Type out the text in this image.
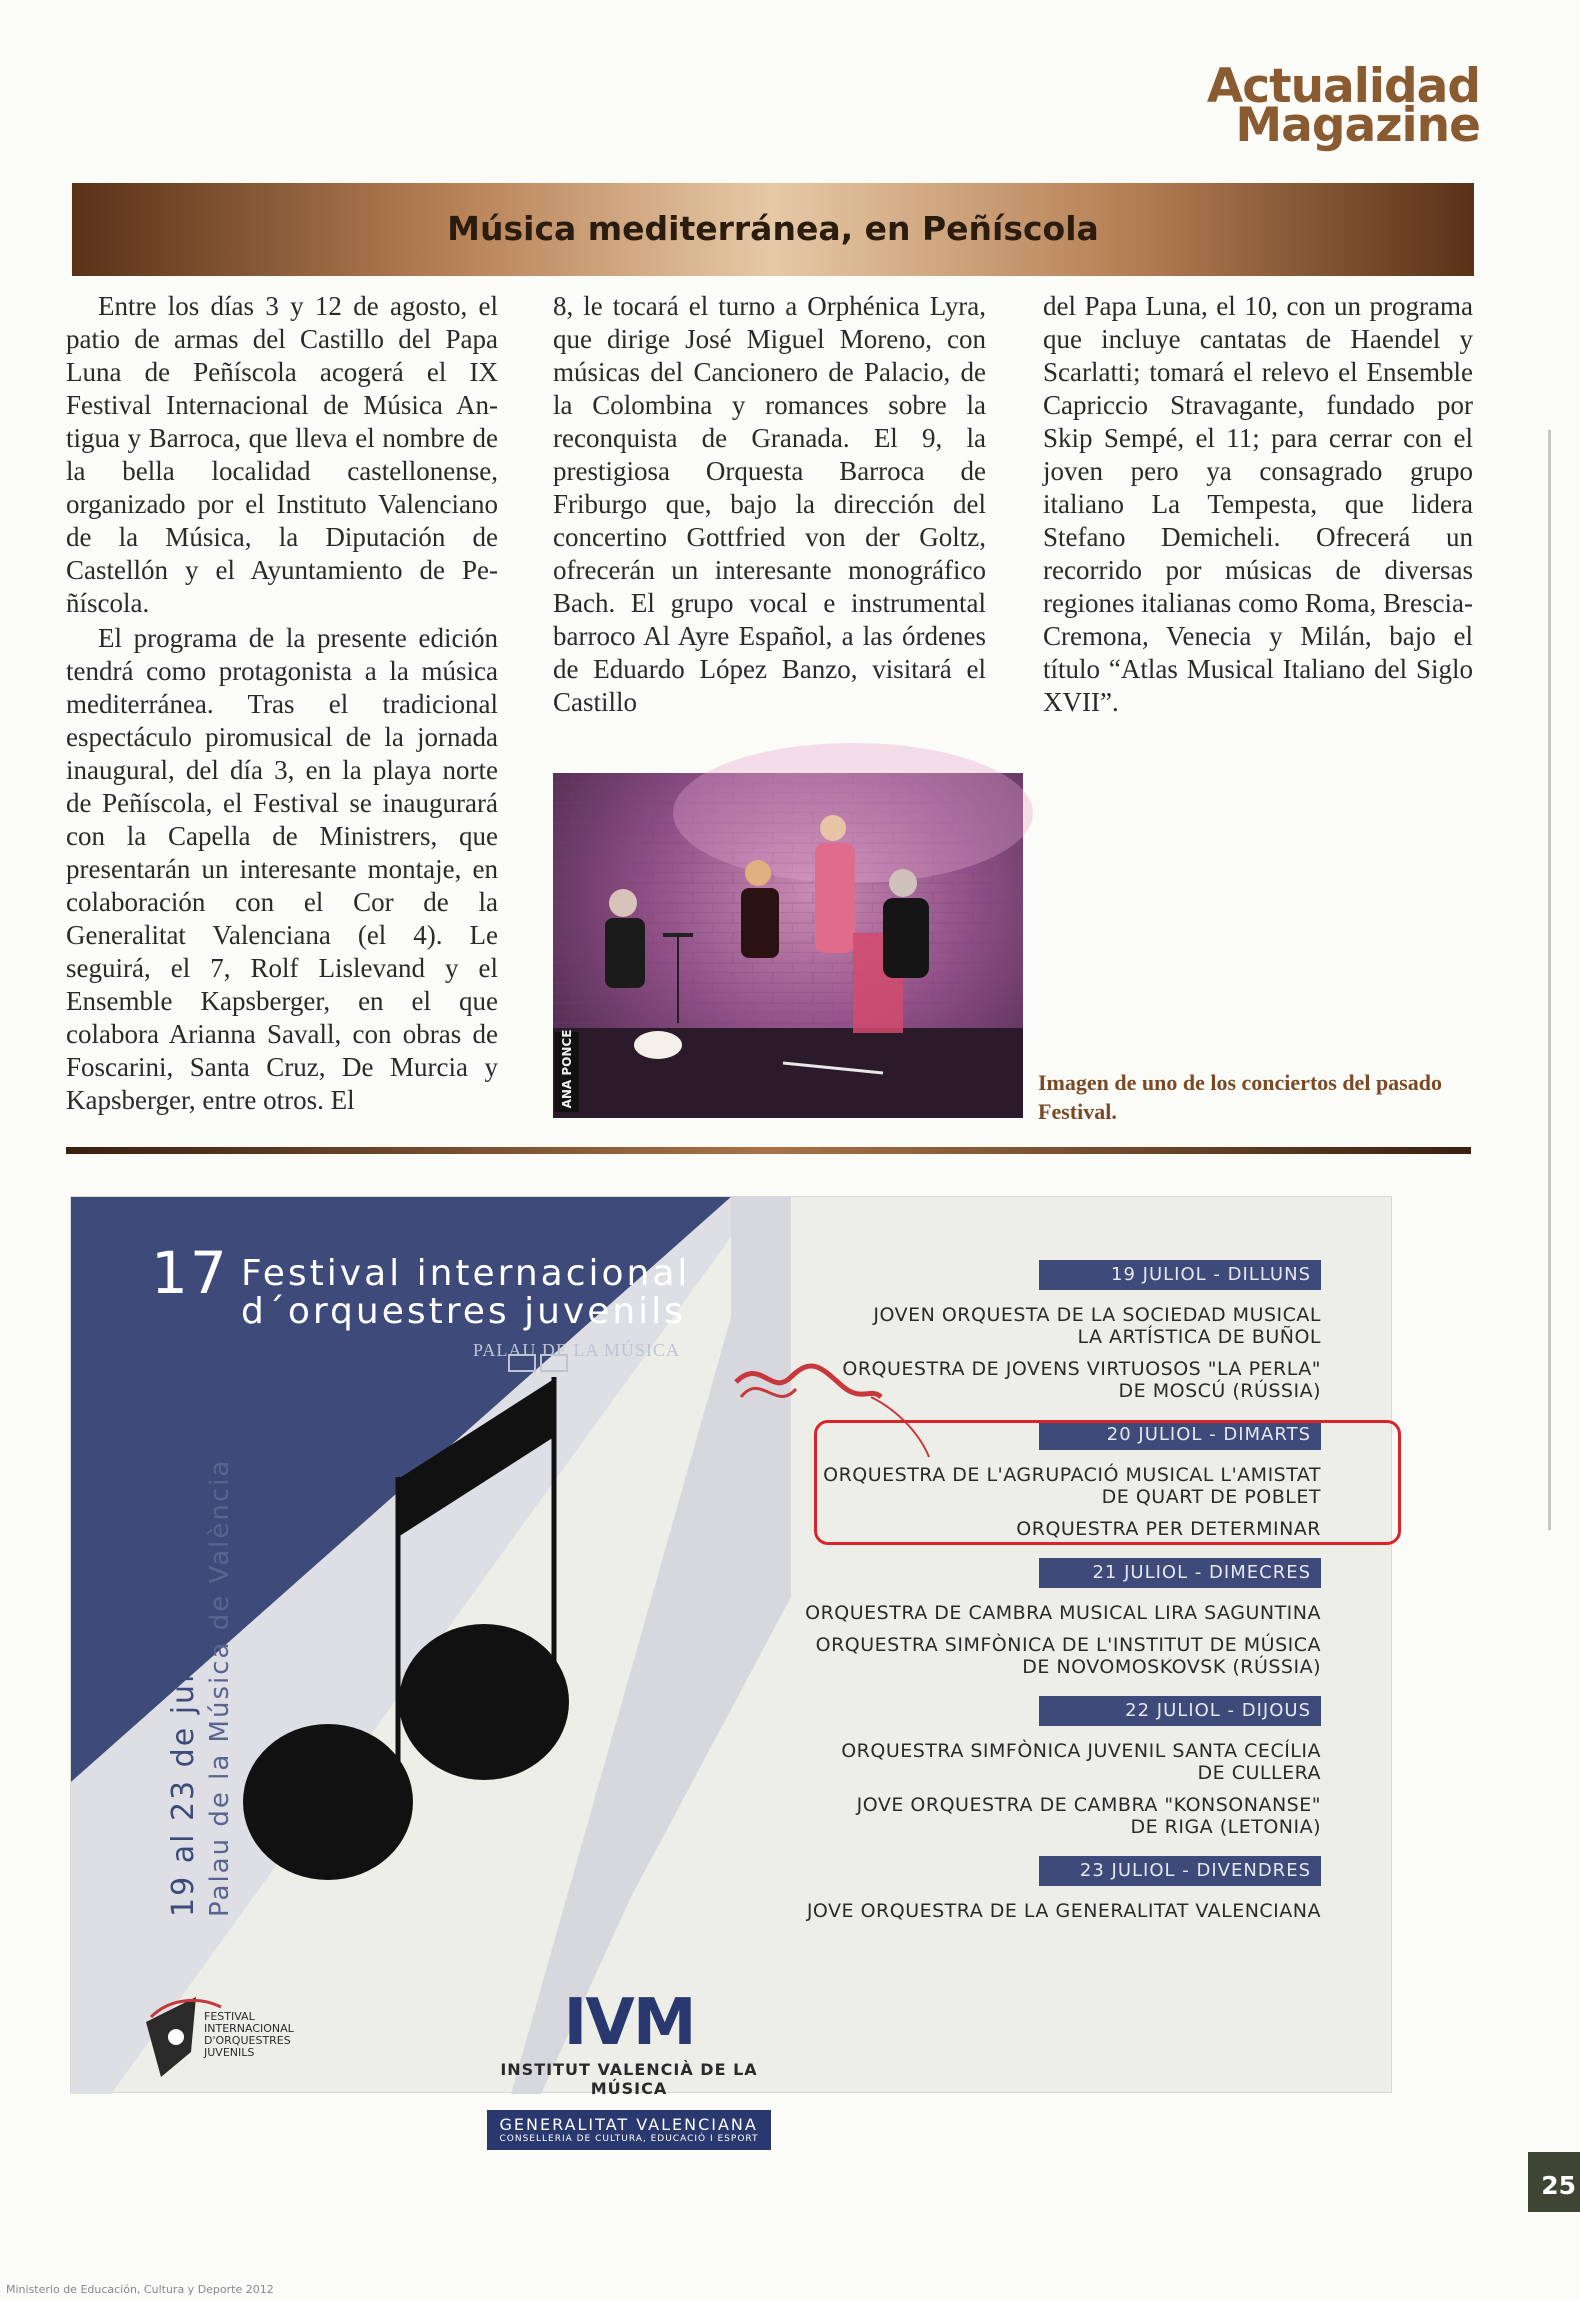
Actualidad
Magazine
Música mediterránea, en Peñíscola

Entre los días 3 y 12 de agosto, el patio de armas del Castillo del Papa Luna de Peñíscola acogerá el IX Festival Internacional de Música Antigua y Barroca, que lleva el nombre de la bella localidad castellonense, organizado por el Instituto Valenciano de la Música, la Diputación de Castellón y el Ayuntamiento de Peñíscola.

El programa de la presente edición tendrá como protagonista a la música mediterránea. Tras el tradicional espectáculo piromusical de la jornada inaugural, del día 3, en la playa norte de Peñíscola, el Festival se inaugurará con la Capella de Ministrers, que presentarán un interesante montaje, en colaboración con el Cor de la Generalitat Valenciana (el 4). Le seguirá, el 7, Rolf Lislevand y el Ensemble Kapsberger, en el que colabora Arianna Savall, con obras de Foscarini, Santa Cruz, De Murcia y Kapsberger, entre otros. El

8, le tocará el turno a Orphénica Lyra, que dirige José Miguel Moreno, con músicas del Cancionero de Palacio, de la Colombina y romances sobre la reconquista de Granada. El 9, la prestigiosa Orquesta Barroca de Friburgo que, bajo la dirección del concertino Gottfried von der Goltz, ofrecerán un interesante monográfico Bach. El grupo vocal e instrumental barroco Al Ayre Español, a las órdenes de Eduardo López Banzo, visitará el Castillo

del Papa Luna, el 10, con un programa que incluye cantatas de Haendel y Scarlatti; tomará el relevo el Ensemble Capriccio Stravagante, fundado por Skip Sempé, el 11; para cerrar con el joven pero ya consagrado grupo italiano La Tempesta, que lidera Stefano Demicheli. Ofrecerá un recorrido por músicas de diversas regiones italianas como Roma, Brescia-Cremona, Venecia y Milán, bajo el título “Atlas Musical Italiano del Siglo XVII”.

ANA PONCE	Imagen de uno de los conciertos del pasado Festival.
17 Festival internacional
d´orquestres juvenils
PALAU DE LA MÚSICA
19 al 23 de juliol 2004. 20 h. Palau de la Música de València
19 JULIOL - DILLUNS
JOVEN ORQUESTA DE LA SOCIEDAD MUSICAL
LA ARTÍSTICA DE BUÑOL
ORQUESTRA DE JOVENS VIRTUOSOS "LA PERLA"
DE MOSCÚ (RÚSSIA)
20 JULIOL - DIMARTS
ORQUESTRA DE L'AGRUPACIÓ MUSICAL L'AMISTAT
DE QUART DE POBLET
ORQUESTRA PER DETERMINAR
21 JULIOL - DIMECRES
ORQUESTRA DE CAMBRA MUSICAL LIRA SAGUNTINA
ORQUESTRA SIMFÒNICA DE L'INSTITUT DE MÚSICA
DE NOVOMOSKOVSK (RÚSSIA)
22 JULIOL - DIJOUS
ORQUESTRA SIMFÒNICA JUVENIL SANTA CECÍLIA
DE CULLERA
JOVE ORQUESTRA DE CAMBRA "KONSONANSE"
DE RIGA (LETONIA)
23 JULIOL - DIVENDRES
JOVE ORQUESTRA DE LA GENERALITAT VALENCIANA
FESTIVAL
INTERNACIONAL
D'ORQUESTRES
JUVENILS	IVM
INSTITUT VALENCIÀ DE LA MÚSICA
GENERALITAT VALENCIANA
CONSELLERIA DE CULTURA, EDUCACIÓ I ESPORT
25
Ministerio de Educación, Cultura y Deporte 2012
